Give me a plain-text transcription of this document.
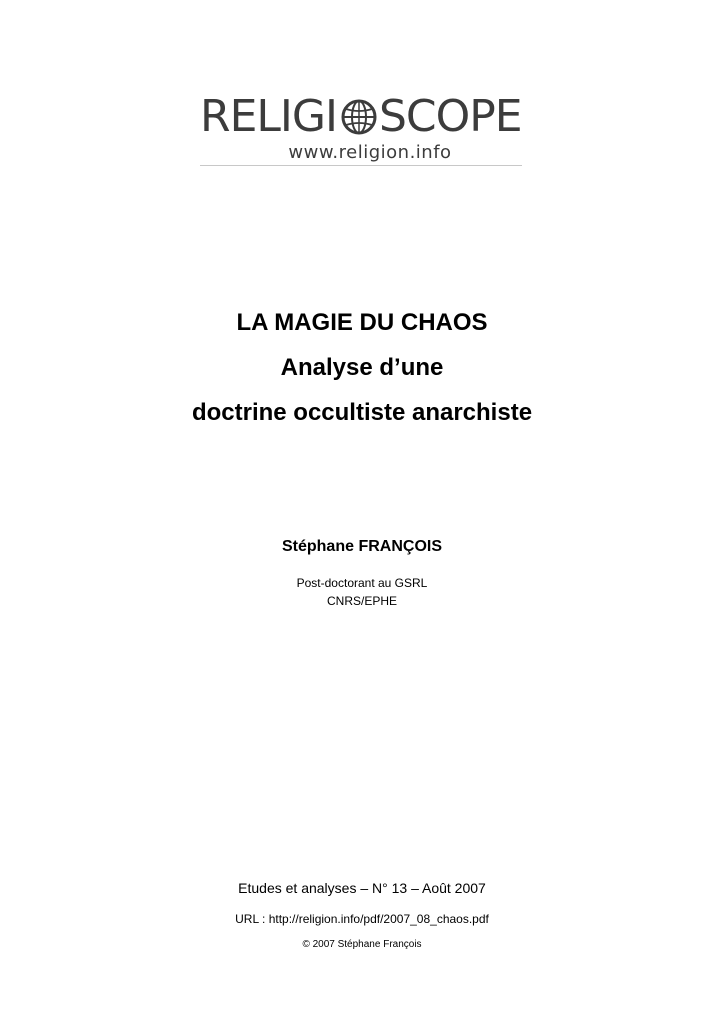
RELIGI SCOPE
www.religion.info

LA MAGIE DU CHAOS

Analyse d’une

doctrine occultiste anarchiste

Stéphane FRANÇOIS
Post-doctorant au GSRL
CNRS/EPHE
Etudes et analyses – N° 13 – Août 2007
URL : http://religion.info/pdf/2007_08_chaos.pdf
© 2007 Stéphane François
